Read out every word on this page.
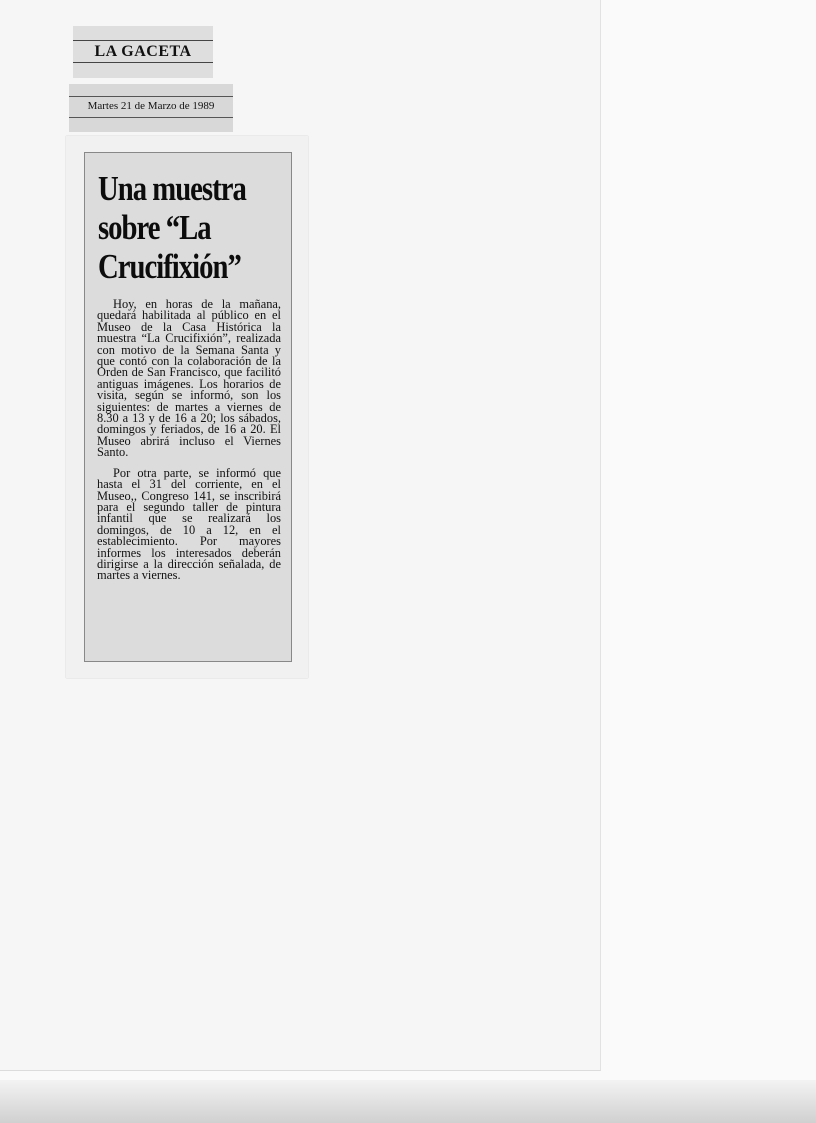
LA GACETA
Martes 21 de Marzo de 1989
Una muestra
sobre “La
Crucifixión”

Hoy, en horas de la mañana, quedará habilitada al público en el Museo de la Casa Histórica la muestra “La Crucifixión”, realizada con motivo de la Semana Santa y que contó con la colaboración de la Orden de San Francisco, que facilitó antiguas imágenes. Los horarios de visita, según se informó, son los siguientes: de martes a viernes de 8.30 a 13 y de 16 a 20; los sábados, domingos y feriados, de 16 a 20. El Museo abrirá incluso el Viernes Santo.

Por otra parte, se informó que hasta el 31 del corriente, en el Museo,, Congreso 141, se inscribirá para el segundo taller de pintura infantil que se realizará los domingos, de 10 a 12, en el establecimiento. Por mayores informes los interesados deberán dirigirse a la dirección señalada, de martes a viernes.
